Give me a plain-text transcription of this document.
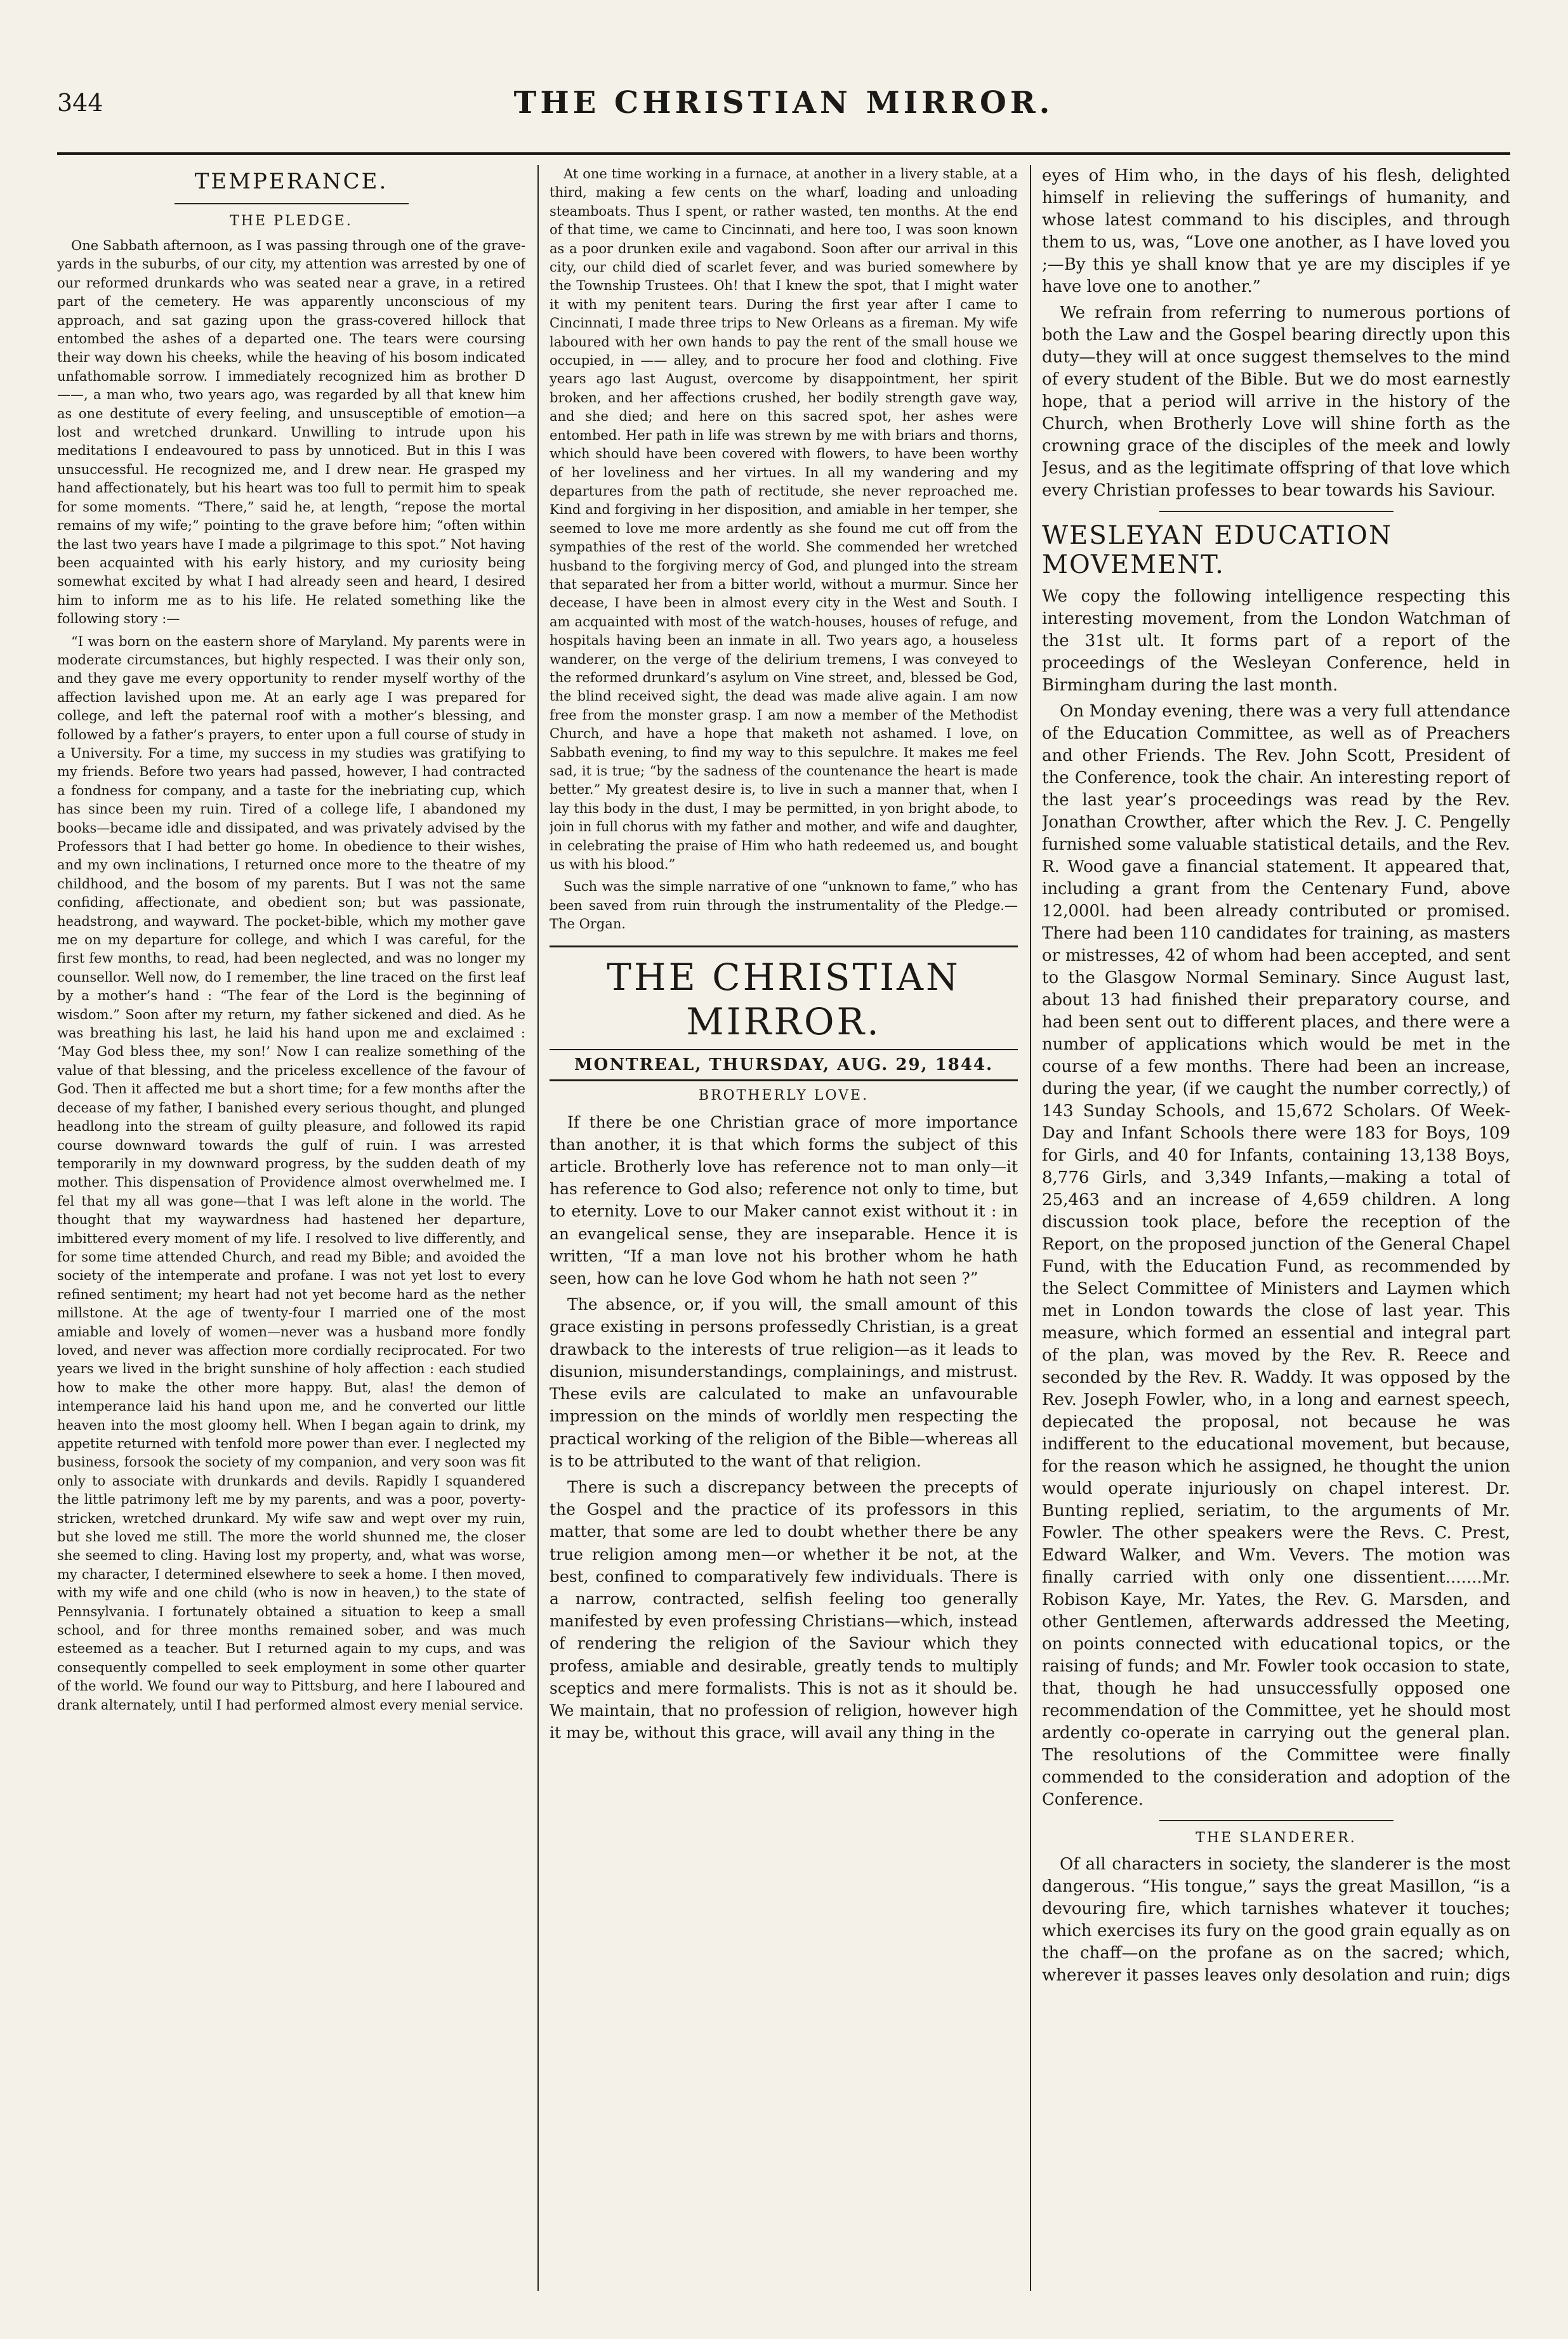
344	THE CHRISTIAN MIRROR.
TEMPERANCE.
THE PLEDGE.

One Sabbath afternoon, as I was passing through one of the grave-yards in the suburbs, of our city, my attention was arrested by one of our reformed drunkards who was seated near a grave, in a retired part of the cemetery. He was apparently unconscious of my approach, and sat gazing upon the grass-covered hillock that entombed the ashes of a departed one. The tears were coursing their way down his cheeks, while the heaving of his bosom indicated unfathomable sorrow. I immediately recognized him as brother D——, a man who, two years ago, was regarded by all that knew him as one destitute of every feeling, and unsusceptible of emotion—a lost and wretched drunkard. Unwilling to intrude upon his meditations I endeavoured to pass by unnoticed. But in this I was unsuccessful. He recognized me, and I drew near. He grasped my hand affectionately, but his heart was too full to permit him to speak for some moments. “There,” said he, at length, “repose the mortal remains of my wife;” pointing to the grave before him; “often within the last two years have I made a pilgrimage to this spot.” Not having been acquainted with his early history, and my curiosity being somewhat excited by what I had already seen and heard, I desired him to inform me as to his life. He related something like the following story :—

“I was born on the eastern shore of Maryland. My parents were in moderate circumstances, but highly respected. I was their only son, and they gave me every opportunity to render myself worthy of the affection lavished upon me. At an early age I was prepared for college, and left the paternal roof with a mother’s blessing, and followed by a father’s prayers, to enter upon a full course of study in a University. For a time, my success in my studies was gratifying to my friends. Before two years had passed, however, I had contracted a fondness for company, and a taste for the inebriating cup, which has since been my ruin. Tired of a college life, I abandoned my books—became idle and dissipated, and was privately advised by the Professors that I had better go home. In obedience to their wishes, and my own inclinations, I returned once more to the theatre of my childhood, and the bosom of my parents. But I was not the same confiding, affectionate, and obedient son; but was passionate, headstrong, and wayward. The pocket-bible, which my mother gave me on my departure for college, and which I was careful, for the first few months, to read, had been neglected, and was no longer my counsellor. Well now, do I remember, the line traced on the first leaf by a mother’s hand : “The fear of the Lord is the beginning of wisdom.” Soon after my return, my father sickened and died. As he was breathing his last, he laid his hand upon me and exclaimed : ‘May God bless thee, my son!’ Now I can realize something of the value of that blessing, and the priceless excellence of the favour of God. Then it affected me but a short time; for a few months after the decease of my father, I banished every serious thought, and plunged headlong into the stream of guilty pleasure, and followed its rapid course downward towards the gulf of ruin. I was arrested temporarily in my downward progress, by the sudden death of my mother. This dispensation of Providence almost overwhelmed me. I fel that my all was gone—that I was left alone in the world. The thought that my waywardness had hastened her departure, imbittered every moment of my life. I resolved to live differently, and for some time attended Church, and read my Bible; and avoided the society of the intemperate and profane. I was not yet lost to every refined sentiment; my heart had not yet become hard as the nether millstone. At the age of twenty-four I married one of the most amiable and lovely of women—never was a husband more fondly loved, and never was affection more cordially reciprocated. For two years we lived in the bright sunshine of holy affection : each studied how to make the other more happy. But, alas! the demon of intemperance laid his hand upon me, and he converted our little heaven into the most gloomy hell. When I began again to drink, my appetite returned with tenfold more power than ever. I neglected my business, forsook the society of my companion, and very soon was fit only to associate with drunkards and devils. Rapidly I squandered the little patrimony left me by my parents, and was a poor, poverty-stricken, wretched drunkard. My wife saw and wept over my ruin, but she loved me still. The more the world shunned me, the closer she seemed to cling. Having lost my property, and, what was worse, my character, I determined elsewhere to seek a home. I then moved, with my wife and one child (who is now in heaven,) to the state of Pennsylvania. I fortunately obtained a situation to keep a small school, and for three months remained sober, and was much esteemed as a teacher. But I returned again to my cups, and was consequently compelled to seek employment in some other quarter of the world. We found our way to Pittsburg, and here I laboured and drank alternately, until I had performed almost every menial service.

At one time working in a furnace, at another in a livery stable, at a third, making a few cents on the wharf, loading and unloading steamboats. Thus I spent, or rather wasted, ten months. At the end of that time, we came to Cincinnati, and here too, I was soon known as a poor drunken exile and vagabond. Soon after our arrival in this city, our child died of scarlet fever, and was buried somewhere by the Township Trustees. Oh! that I knew the spot, that I might water it with my penitent tears. During the first year after I came to Cincinnati, I made three trips to New Orleans as a fireman. My wife laboured with her own hands to pay the rent of the small house we occupied, in —— alley, and to procure her food and clothing. Five years ago last August, overcome by disappointment, her spirit broken, and her affections crushed, her bodily strength gave way, and she died; and here on this sacred spot, her ashes were entombed. Her path in life was strewn by me with briars and thorns, which should have been covered with flowers, to have been worthy of her loveliness and her virtues. In all my wandering and my departures from the path of rectitude, she never reproached me. Kind and forgiving in her disposition, and amiable in her temper, she seemed to love me more ardently as she found me cut off from the sympathies of the rest of the world. She commended her wretched husband to the forgiving mercy of God, and plunged into the stream that separated her from a bitter world, without a murmur. Since her decease, I have been in almost every city in the West and South. I am acquainted with most of the watch-houses, houses of refuge, and hospitals having been an inmate in all. Two years ago, a houseless wanderer, on the verge of the delirium tremens, I was conveyed to the reformed drunkard’s asylum on Vine street, and, blessed be God, the blind received sight, the dead was made alive again. I am now free from the monster grasp. I am now a member of the Methodist Church, and have a hope that maketh not ashamed. I love, on Sabbath evening, to find my way to this sepulchre. It makes me feel sad, it is true; “by the sadness of the countenance the heart is made better.” My greatest desire is, to live in such a manner that, when I lay this body in the dust, I may be permitted, in yon bright abode, to join in full chorus with my father and mother, and wife and daughter, in celebrating the praise of Him who hath redeemed us, and bought us with his blood.”

Such was the simple narrative of one “unknown to fame,” who has been saved from ruin through the instrumentality of the Pledge.—The Organ.

THE CHRISTIAN MIRROR.
MONTREAL, THURSDAY, AUG. 29, 1844.
BROTHERLY LOVE.

If there be one Christian grace of more importance than another, it is that which forms the subject of this article. Brotherly love has reference not to man only—it has reference to God also; reference not only to time, but to eternity. Love to our Maker cannot exist without it : in an evangelical sense, they are inseparable. Hence it is written, “If a man love not his brother whom he hath seen, how can he love God whom he hath not seen ?”

The absence, or, if you will, the small amount of this grace existing in persons professedly Christian, is a great drawback to the interests of true religion—as it leads to disunion, misunderstandings, complainings, and mistrust. These evils are calculated to make an unfavourable impression on the minds of worldly men respecting the practical working of the religion of the Bible—whereas all is to be attributed to the want of that religion.

There is such a discrepancy between the precepts of the Gospel and the practice of its professors in this matter, that some are led to doubt whether there be any true religion among men—or whether it be not, at the best, confined to comparatively few individuals. There is a narrow, contracted, selfish feeling too generally manifested by even professing Christians—which, instead of rendering the religion of the Saviour which they profess, amiable and desirable, greatly tends to multiply sceptics and mere formalists. This is not as it should be. We maintain, that no profession of religion, however high it may be, without this grace, will avail any thing in the

eyes of Him who, in the days of his flesh, delighted himself in relieving the sufferings of humanity, and whose latest command to his disciples, and through them to us, was, “Love one another, as I have loved you ;—By this ye shall know that ye are my disciples if ye have love one to another.”

We refrain from referring to numerous portions of both the Law and the Gospel bearing directly upon this duty—they will at once suggest themselves to the mind of every student of the Bible. But we do most earnestly hope, that a period will arrive in the history of the Church, when Brotherly Love will shine forth as the crowning grace of the disciples of the meek and lowly Jesus, and as the legitimate offspring of that love which every Christian professes to bear towards his Saviour.

WESLEYAN EDUCATION MOVEMENT.

We copy the following intelligence respecting this interesting movement, from the London Watchman of the 31st ult. It forms part of a report of the proceedings of the Wesleyan Conference, held in Birmingham during the last month.

On Monday evening, there was a very full attendance of the Education Committee, as well as of Preachers and other Friends. The Rev. John Scott, President of the Conference, took the chair. An interesting report of the last year’s proceedings was read by the Rev. Jonathan Crowther, after which the Rev. J. C. Pengelly furnished some valuable statistical details, and the Rev. R. Wood gave a financial statement. It appeared that, including a grant from the Centenary Fund, above 12,000l. had been already contributed or promised. There had been 110 candidates for training, as masters or mistresses, 42 of whom had been accepted, and sent to the Glasgow Normal Seminary. Since August last, about 13 had finished their preparatory course, and had been sent out to different places, and there were a number of applications which would be met in the course of a few months. There had been an increase, during the year, (if we caught the number correctly,) of 143 Sunday Schools, and 15,672 Scholars. Of Week-Day and Infant Schools there were 183 for Boys, 109 for Girls, and 40 for Infants, containing 13,138 Boys, 8,776 Girls, and 3,349 Infants,—making a total of 25,463 and an increase of 4,659 children. A long discussion took place, before the reception of the Report, on the proposed junction of the General Chapel Fund, with the Education Fund, as recommended by the Select Committee of Ministers and Laymen which met in London towards the close of last year. This measure, which formed an essential and integral part of the plan, was moved by the Rev. R. Reece and seconded by the Rev. R. Waddy. It was opposed by the Rev. Joseph Fowler, who, in a long and earnest speech, depiecated the proposal, not because he was indifferent to the educational movement, but because, for the reason which he assigned, he thought the union would operate injuriously on chapel interest. Dr. Bunting replied, seriatim, to the arguments of Mr. Fowler. The other speakers were the Revs. C. Prest, Edward Walker, and Wm. Vevers. The motion was finally carried with only one dissentient.......Mr. Robison Kaye, Mr. Yates, the Rev. G. Marsden, and other Gentlemen, afterwards addressed the Meeting, on points connected with educational topics, or the raising of funds; and Mr. Fowler took occasion to state, that, though he had unsuccessfully opposed one recommendation of the Committee, yet he should most ardently co-operate in carrying out the general plan. The resolutions of the Committee were finally commended to the consideration and adoption of the Conference.

THE SLANDERER.

Of all characters in society, the slanderer is the most dangerous. “His tongue,” says the great Masillon, “is a devouring fire, which tarnishes whatever it touches; which exercises its fury on the good grain equally as on the chaff—on the profane as on the sacred; which, wherever it passes leaves only desolation and ruin; digs
